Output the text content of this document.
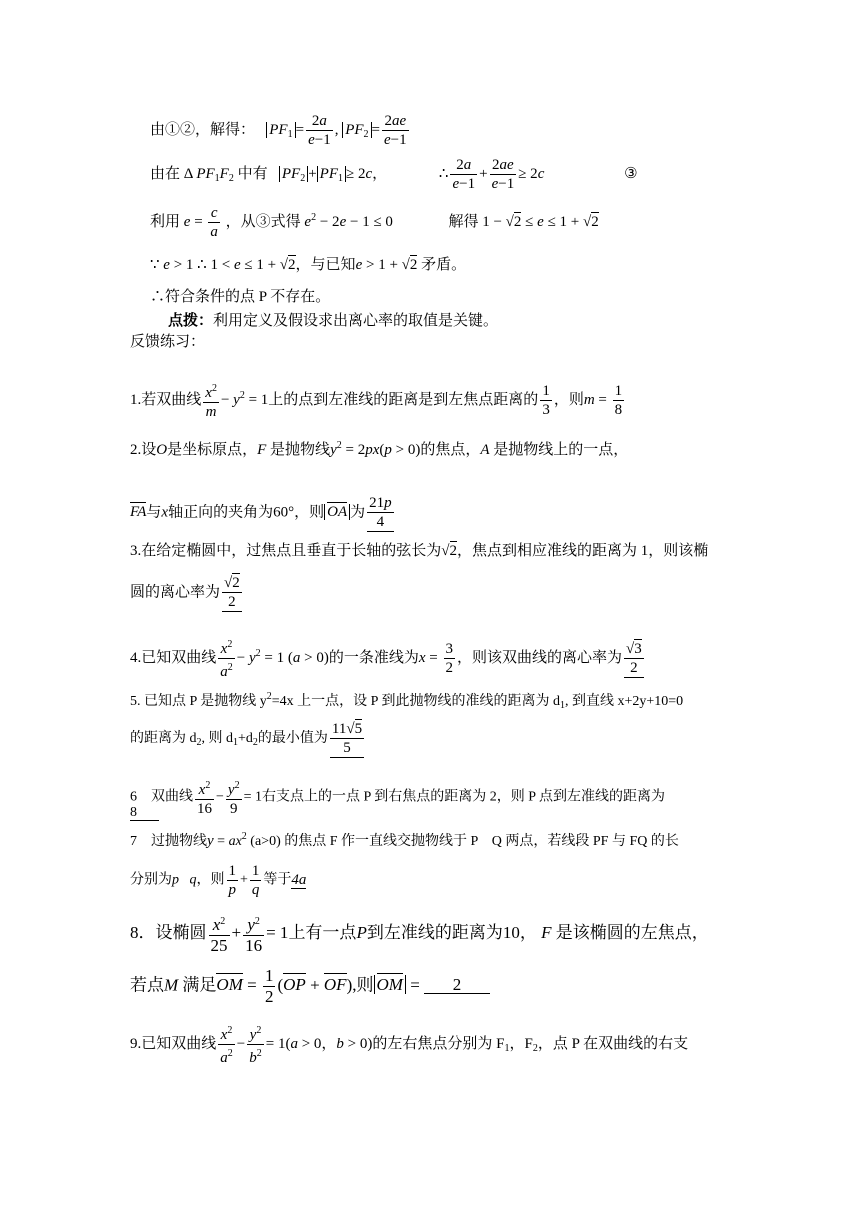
由①②，解得： $PF_1 = \frac{2a}{e-1}$ , $PF_2 = \frac{2ae}{e-1}$
由在 Δ $PF_1F_2$ 中有 $PF_2 + PF_1 \ge 2c$，	∴ $\frac{2a}{e-1} + \frac{2ae}{e-1} \ge 2c$	③
利用 $e = \frac{c}{a}$ ，从③式得 $e^2 - 2e - 1 \le 0$	解得 1 − √2 ≤ e ≤ 1 + √2
∵ e > 1 ∴ 1 < e ≤ 1 + √2，与已知e > 1 + √2 矛盾。
∴符合条件的点 P 不存在。
点拨：利用定义及假设求出离心率的取值是关键。
反馈练习：
1.若双曲线 $\frac{x^2}{m} - y^2 = 1$上的点到左准线的距离是到左焦点距离的 $\frac{1}{3}$ ，则$m = \frac{1}{8}$
2.设O是坐标原点，F 是抛物线$y^2 = 2px(p > 0)$的焦点，A 是抛物线上的一点，
FA与x轴正向的夹角为60°，则 OA 为 $\frac{21p}{4}$
3.在给定椭圆中，过焦点且垂直于长轴的弦长为√2，焦点到相应准线的距离为 1，则该椭
圆的离心率为 $\frac{√2}{2}$
4.已知双曲线 $\frac{x^2}{a^2} - y^2 = 1$ (a > 0)的一条准线为$x = \frac{3}{2}$ ，则该双曲线的离心率为 $\frac{√3}{2}$
5. 已知点 P 是抛物线 $y^2=4x$ 上一点，设 P 到此抛物线的准线的距离为 $d_1$, 到直线 x+2y+10=0
的距离为 $d_2$, 则 $d_1+d_2$的最小值为 $\frac{11√5}{5}$
6　双曲线 $\frac{x^2}{16} - \frac{y^2}{9} = 1$右支点上的一点 P 到右焦点的距离为 2，则 P 点到左准线的距离为
8
7　过抛物线$y = ax^2$ (a>0) 的焦点 F 作一直线交抛物线于 P　Q 两点，若线段 PF 与 FQ 的长
分别为p q，则 $\frac{1}{p} + \frac{1}{q}$ 等于4a
8．设椭圆 $\frac{x^2}{25} + \frac{y^2}{16} = 1$上有一点P到左准线的距离为10， F 是该椭圆的左焦点，
若点M 满足OM = $\frac{1}{2} (OP + OF)$,则 OM = 2
9.已知双曲线 $\frac{x^2}{a^2} - \frac{y^2}{b^2} = 1(a > 0$，b > 0)的左右焦点分别为 $F_1$，$F_2$，点 P 在双曲线的右支
